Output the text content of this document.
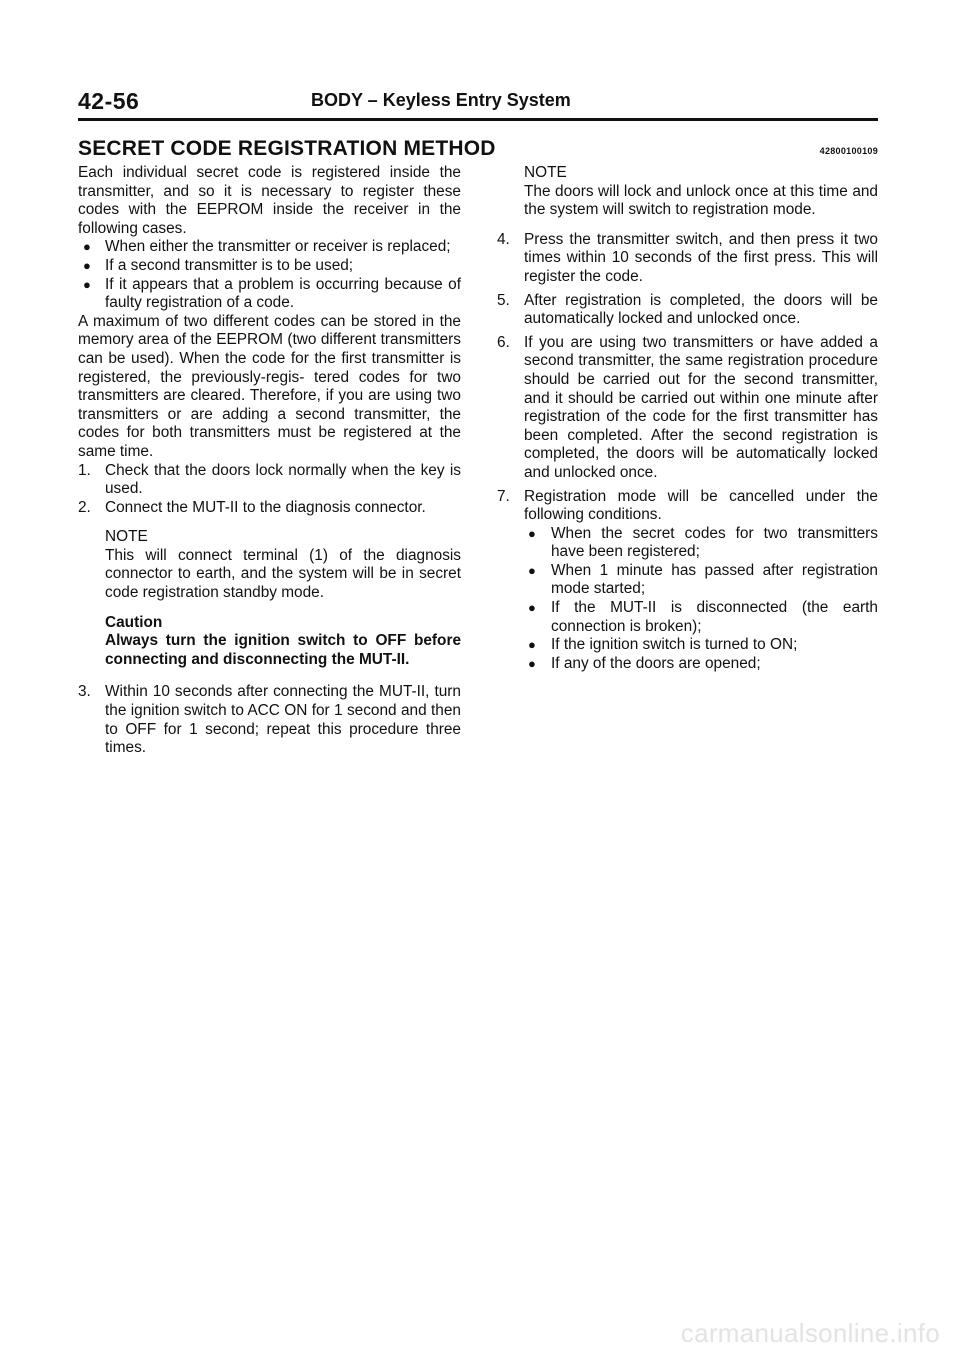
42-56	BODY – Keyless Entry System
SECRET CODE REGISTRATION METHOD	42800100109

Each individual secret code is registered inside the transmitter, and so it is necessary to register these codes with the EEPROM inside the receiver in the following cases.

● When either the transmitter or receiver is replaced;
● If a second transmitter is to be used;
● If it appears that a problem is occurring because of faulty registration of a code.

A maximum of two different codes can be stored in the memory area of the EEPROM (two different transmitters can be used). When the code for the first transmitter is registered, the previously-regis- tered codes for two transmitters are cleared. Therefore, if you are using two transmitters or are adding a second transmitter, the codes for both transmitters must be registered at the same time.

1. Check that the doors lock normally when the key is used.
2. Connect the MUT-II to the diagnosis connector.
NOTE
This will connect terminal (1) of the diagnosis connector to earth, and the system will be in secret code registration standby mode.
Caution
Always turn the ignition switch to OFF before connecting and disconnecting the MUT-II.
3. Within 10 seconds after connecting the MUT-II, turn the ignition switch to ACC ON for 1 second and then to OFF for 1 second; repeat this procedure three times.
NOTE
The doors will lock and unlock once at this time and the system will switch to registration mode.
4. Press the transmitter switch, and then press it two times within 10 seconds of the first press. This will register the code.
5. After registration is completed, the doors will be automatically locked and unlocked once.
6. If you are using two transmitters or have added a second transmitter, the same registration procedure should be carried out for the second transmitter, and it should be carried out within one minute after registration of the code for the first transmitter has been completed. After the second registration is completed, the doors will be automatically locked and unlocked once.
7. Registration mode will be cancelled under the following conditions.
● When the secret codes for two transmitters have been registered;
● When 1 minute has passed after registration mode started;
● If the MUT-II is disconnected (the earth connection is broken);
● If the ignition switch is turned to ON;
● If any of the doors are opened;
carmanualsonline.info
